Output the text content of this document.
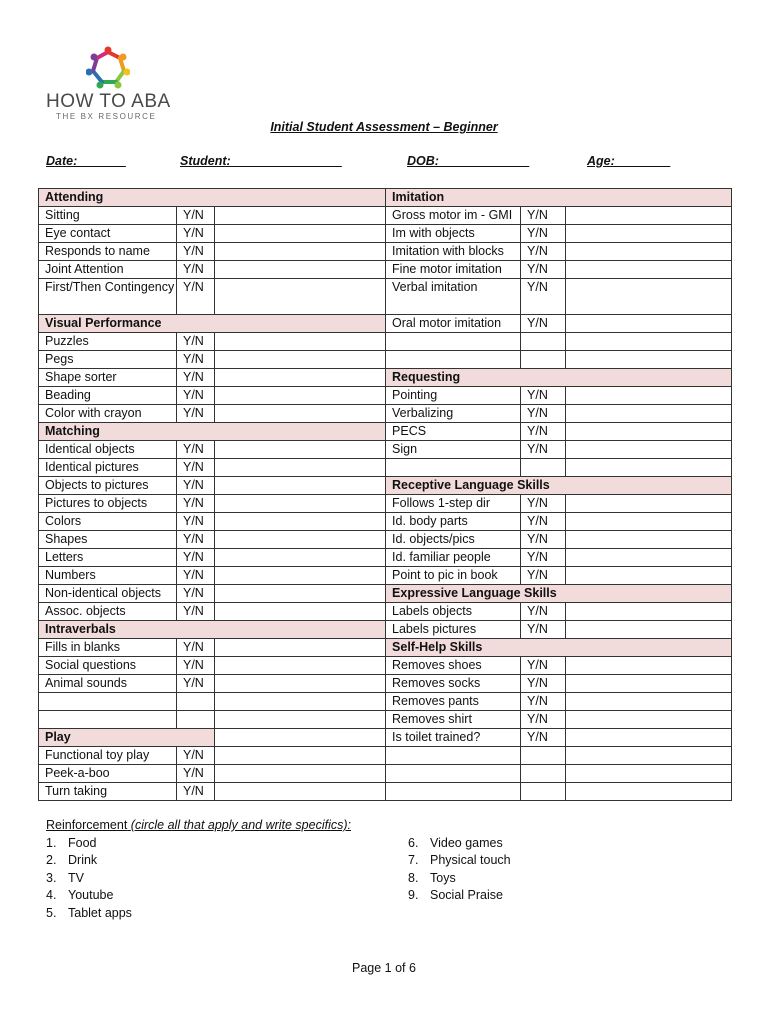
HOW TO ABA
THE BX RESOURCE
Initial Student Assessment – Beginner
Date:	Student:	DOB:	Age:
Attending			Imitation		
Sitting	Y/N		Gross motor im - GMI	Y/N	
Eye contact	Y/N		Im with objects	Y/N	
Responds to name	Y/N		Imitation with blocks	Y/N	
Joint Attention	Y/N		Fine motor imitation	Y/N	
First/Then Contingency	Y/N		Verbal imitation	Y/N	
Visual Performance			Oral motor imitation	Y/N	
Puzzles	Y/N				
Pegs	Y/N				
Shape sorter	Y/N		Requesting		
Beading	Y/N		Pointing	Y/N	
Color with crayon	Y/N		Verbalizing	Y/N	
Matching			PECS	Y/N	
Identical objects	Y/N		Sign	Y/N	
Identical pictures	Y/N				
Objects to pictures	Y/N		Receptive Language Skills		
Pictures to objects	Y/N		Follows 1-step dir	Y/N	
Colors	Y/N		Id. body parts	Y/N	
Shapes	Y/N		Id. objects/pics	Y/N	
Letters	Y/N		Id. familiar people	Y/N	
Numbers	Y/N		Point to pic in book	Y/N	
Non-identical objects	Y/N		Expressive Language Skills		
Assoc. objects	Y/N		Labels objects	Y/N	
Intraverbals			Labels pictures	Y/N	
Fills in blanks	Y/N		Self-Help Skills		
Social questions	Y/N		Removes shoes	Y/N	
Animal sounds	Y/N		Removes socks	Y/N	
			Removes pants	Y/N	
			Removes shirt	Y/N	
Play			Is toilet trained?	Y/N	
Functional toy play	Y/N				
Peek-a-boo	Y/N				
Turn taking	Y/N				
Reinforcement (circle all that apply and write specifics):
1. Food
2. Drink
3. TV
4. Youtube
5. Tablet apps
6. Video games
7. Physical touch
8. Toys
9. Social Praise
Page 1 of 6
